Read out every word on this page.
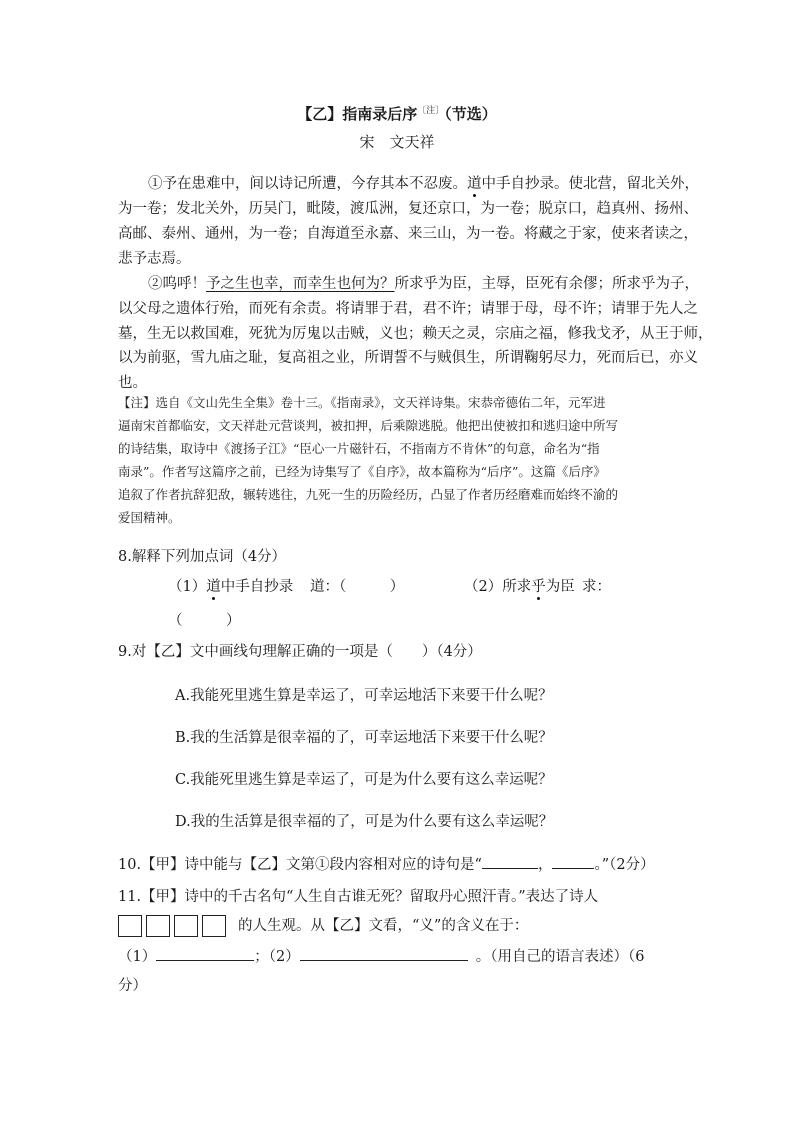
【乙】指南录后序$^{〔注〕}$（节选）
宋　文天祥
①予在患难中，间以诗记所遭，今存其本不忍废。道中手自抄录。使北营，留北关外，
为一卷；发北关外，历吴门，毗陵，渡瓜洲，复还京口，为一卷；脱京口，趋真州、扬州、
高邮、泰州、通州，为一卷；自海道至永嘉、来三山，为一卷。将藏之于家，使来者读之，
悲予志焉。
②呜呼！予之生也幸，而幸生也何为？所求乎为臣，主辱，臣死有余僇；所求乎为子，
以父母之遗体行殆，而死有余责。将请罪于君，君不许；请罪于母，母不许；请罪于先人之
墓，生无以救国难，死犹为厉鬼以击贼，义也；赖天之灵，宗庙之福，修我戈矛，从王于师，
以为前驱，雪九庙之耻，复高祖之业，所谓誓不与贼俱生，所谓鞠躬尽力，死而后已，亦义
也。
【注】选自《文山先生全集》卷十三。《指南录》，文天祥诗集。宋恭帝德佑二年，元军进
逼南宋首都临安，文天祥赴元营谈判，被扣押，后乘隙逃脱。他把出使被扣和逃归途中所写
的诗结集，取诗中《渡扬子江》“臣心一片磁针石，不指南方不肯休”的句意，命名为“指
南录”。作者写这篇序之前，已经为诗集写了《自序》，故本篇称为“后序”。这篇《后序》
追叙了作者抗辞犯敌，辗转逃往，九死一生的历险经历，凸显了作者历经磨难而始终不渝的
爱国精神。
8.解释下列加点词（4分）
（1）道中手自抄录 道：（　　　）	（2）所求乎为臣 求：
（　　　）
9.对【乙】文中画线句理解正确的一项是（　　）（4分）
A.我能死里逃生算是幸运了，可幸运地活下来要干什么呢？
B.我的生活算是很幸福的了，可幸运地活下来要干什么呢？
C.我能死里逃生算是幸运了，可是为什么要有这么幸运呢？
D.我的生活算是很幸福的了，可是为什么要有这么幸运呢？
10.【甲】诗中能与【乙】文第①段内容相对应的诗句是“	，	。”（2分）
11.【甲】诗中的千古名句“人生自古谁无死？留取丹心照汗青。”表达了诗人
的人生观。从【乙】文看，“义”的含义在于：
（1）	；（2）	。（用自己的语言表述）（6
分）
